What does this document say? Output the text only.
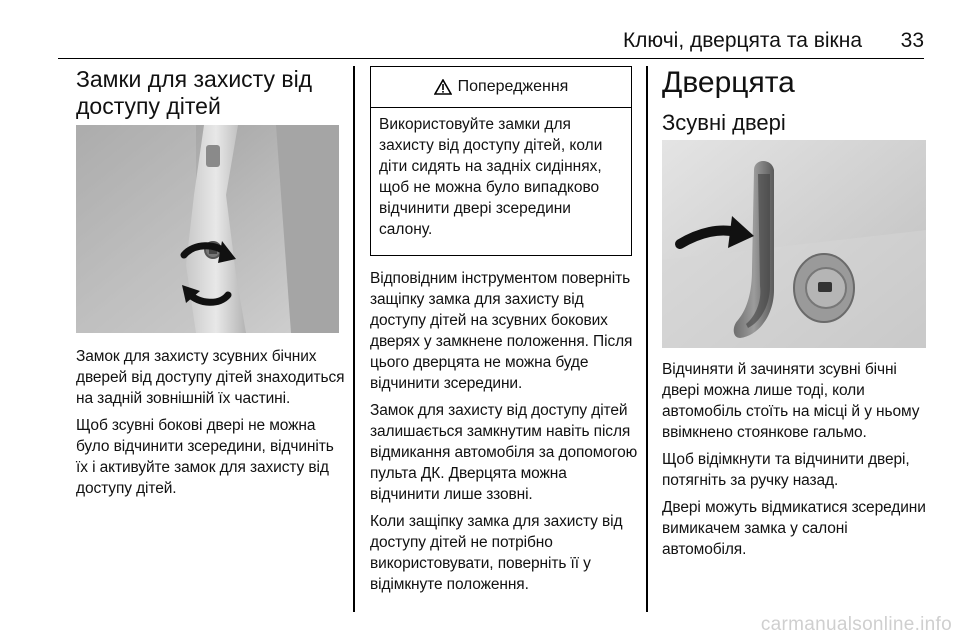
Ключі, дверцята та вікна 33
Замки для захисту від доступу дітей

Замок для захисту зсувних бічних дверей від доступу дітей знаходиться на задній зовнішній їх частині.

Щоб зсувні бокові двері не можна було відчинити зсередини, відчиніть їх і активуйте замок для захисту від доступу дітей.

Попередження

Використовуйте замки для захисту від доступу дітей, коли діти сидять на задніх сидіннях, щоб не можна було випадково відчинити двері зсередини салону.

Відповідним інструментом поверніть защіпку замка для захисту від доступу дітей на зсувних бокових дверях у замкнене положення. Після цього дверцята не можна буде відчинити зсередини.

Замок для захисту від доступу дітей залишається замкнутим навіть після відмикання автомобіля за допомогою пульта ДК. Дверцята можна відчинити лише ззовні.

Коли защіпку замка для захисту від доступу дітей не потрібно використовувати, поверніть її у відімкнуте положення.

Дверцята
Зсувні двері

Відчиняти й зачиняти зсувні бічні двері можна лише тоді, коли автомобіль стоїть на місці й у ньому ввімкнено стоянкове гальмо.

Щоб відімкнути та відчинити двері, потягніть за ручку назад.

Двері можуть відмикатися зсередини вимикачем замка у салоні автомобіля.

carmanualsonline.info
